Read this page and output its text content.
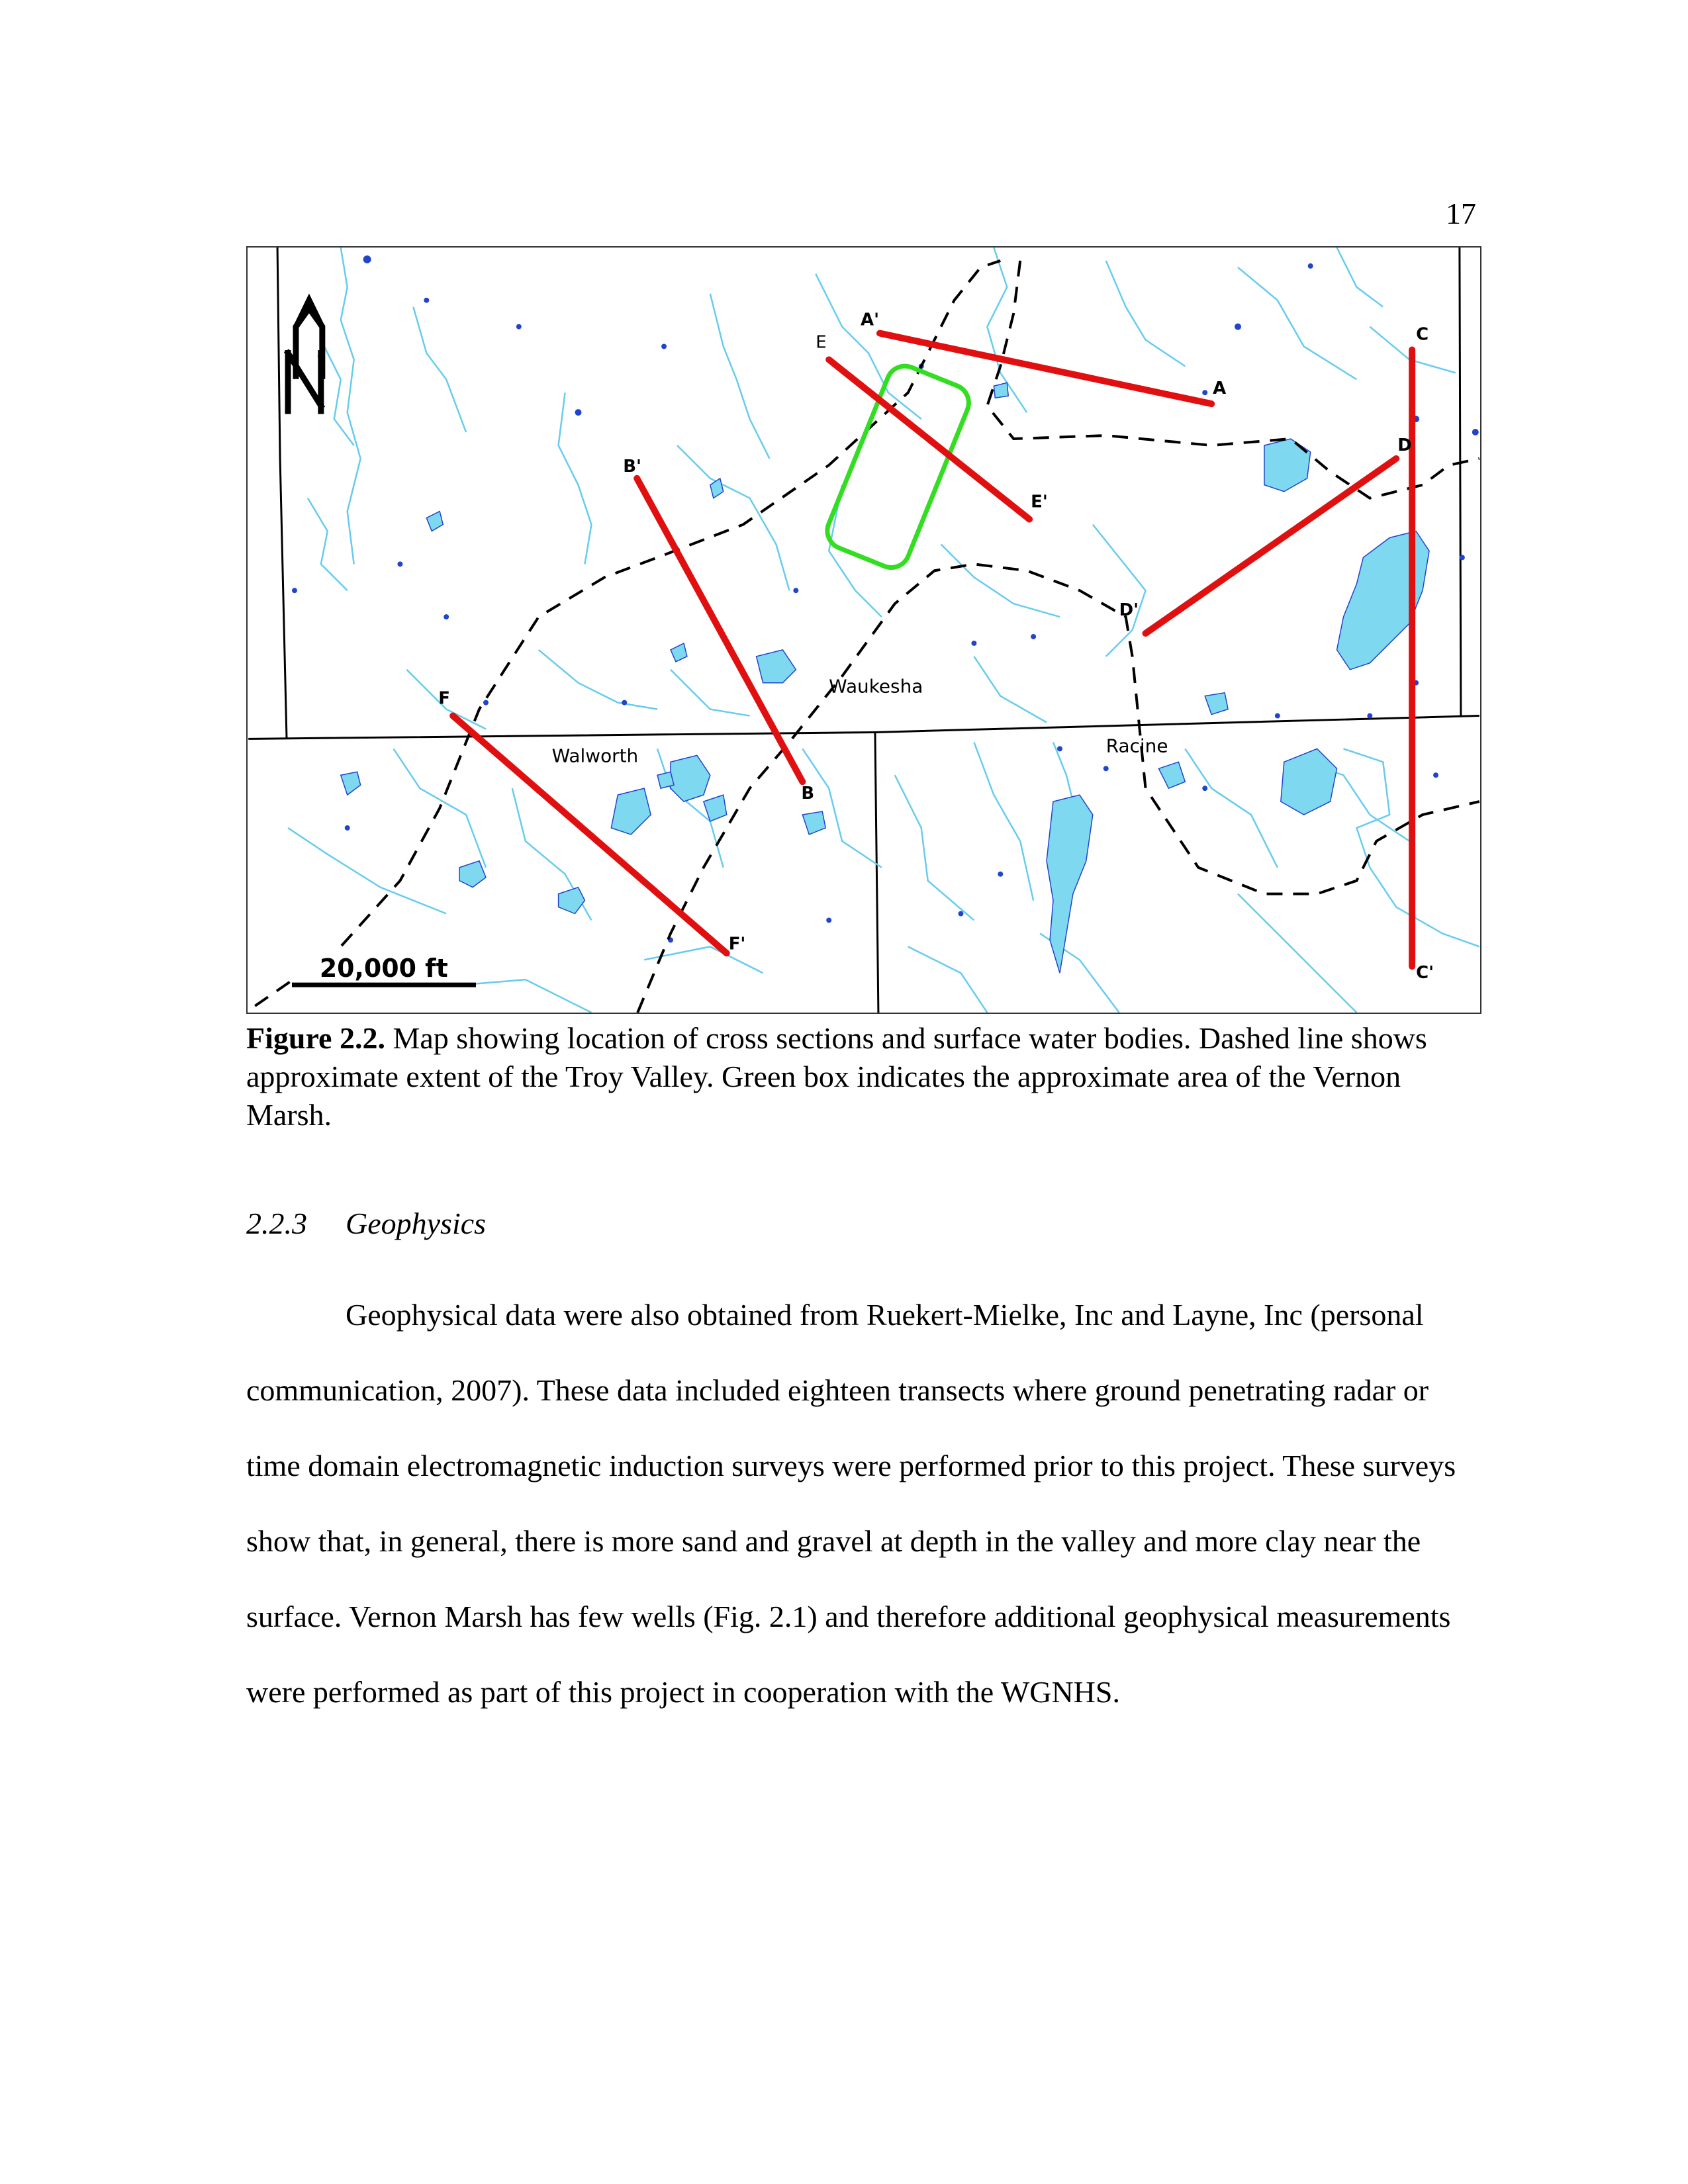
17
A'
A
B'
B
C
C'
D
D'
E
E'
F
F'
Walworth
Waukesha
Racine
20,000 ft
Figure 2.2. Map showing location of cross sections and surface water bodies. Dashed line shows approximate extent of the Troy Valley. Green box indicates the approximate area of the Vernon Marsh.
2.2.3 Geophysics

Geophysical data were also obtained from Ruekert-Mielke, Inc and Layne, Inc (personal communication, 2007). These data included eighteen transects where ground penetrating radar or time domain electromagnetic induction surveys were performed prior to this project. These surveys show that, in general, there is more sand and gravel at depth in the valley and more clay near the surface. Vernon Marsh has few wells (Fig. 2.1) and therefore additional geophysical measurements were performed as part of this project in cooperation with the WGNHS.
